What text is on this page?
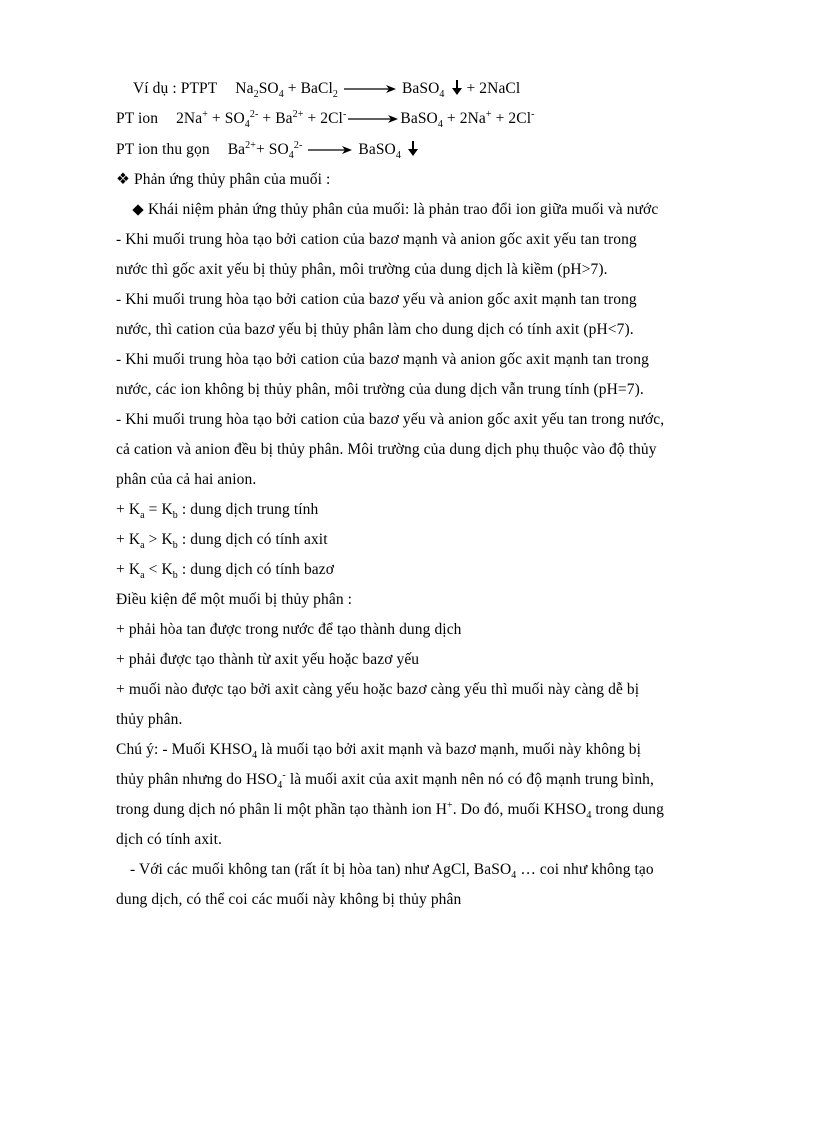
Ví dụ : PTPT $Na_2SO_4$ + BaCl$_2$ → BaSO$_4$ + 2NaCl
PT ion $2Na^+ + SO_4^{2-} + Ba^{2+} + 2Cl^-$ → BaSO$_4$ + 2Na+ + 2Cl-
PT ion thu gọn $Ba^{2+}+ SO_4^{2-}$ → BaSO$_4$
❖ Phản ứng thủy phân của muối :
Khái niệm phản ứng thủy phân của muối: là phản trao đổi ion giữa muối và nước
- Khi muối trung hòa tạo bởi cation của bazơ mạnh và anion gốc axit yếu tan trong
nước thì gốc axit yếu bị thủy phân, môi trường của dung dịch là kiềm (pH>7).
- Khi muối trung hòa tạo bởi cation của bazơ yếu và anion gốc axit mạnh tan trong
nước, thì cation của bazơ yếu bị thủy phân làm cho dung dịch có tính axit (pH<7).
- Khi muối trung hòa tạo bởi cation của bazơ mạnh và anion gốc axit mạnh tan trong
nước, các ion không bị thủy phân, môi trường của dung dịch vẫn trung tính (pH=7).
- Khi muối trung hòa tạo bởi cation của bazơ yếu và anion gốc axit yếu tan trong nước,
cả cation và anion đều bị thủy phân. Môi trường của dung dịch phụ thuộc vào độ thủy
phân của cả hai anion.
+ $K_a = K_b$ : dung dịch trung tính
+ $K_a > K_b$ : dung dịch có tính axit
+ $K_a < K_b$ : dung dịch có tính bazơ
Điều kiện để một muối bị thủy phân :
+ phải hòa tan được trong nước để tạo thành dung dịch
+ phải được tạo thành từ axit yếu hoặc bazơ yếu
+ muối nào được tạo bởi axit càng yếu hoặc bazơ càng yếu thì muối này càng dễ bị
thủy phân.
Chú ý: - Muối $KHSO_4$ là muối tạo bởi axit mạnh và bazơ mạnh, muối này không bị
thủy phân nhưng do $HSO_4^-$ là muối axit của axit mạnh nên nó có độ mạnh trung bình,
trong dung dịch nó phân li một phần tạo thành ion H+. Do đó, muối $KHSO_4$ trong dung
dịch có tính axit.
- Với các muối không tan (rất ít bị hòa tan) như AgCl, BaSO$_4$ … coi như không tạo
dung dịch, có thể coi các muối này không bị thủy phân
